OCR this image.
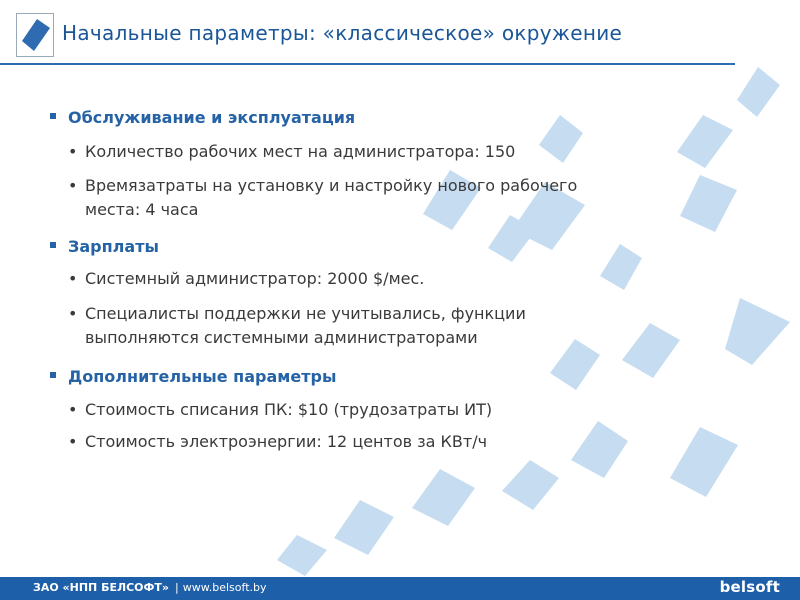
Начальные параметры: «классическое» окружение
Обслуживание и эксплуатация
• Количество рабочих мест на администратора: 150
• Времязатраты на установку и настройку нового рабочего места: 4 часа
Зарплаты
• Системный администратор: 2000 $/мес.
• Специалисты поддержки не учитывались, функции выполняются системными администраторами
Дополнительные параметры
• Стоимость списания ПК: $10 (трудозатраты ИТ)
• Стоимость электроэнергии: 12 центов за КВт/ч
ЗАО «НПП БЕЛСОФТ» | www.belsoft.by	belsoft
